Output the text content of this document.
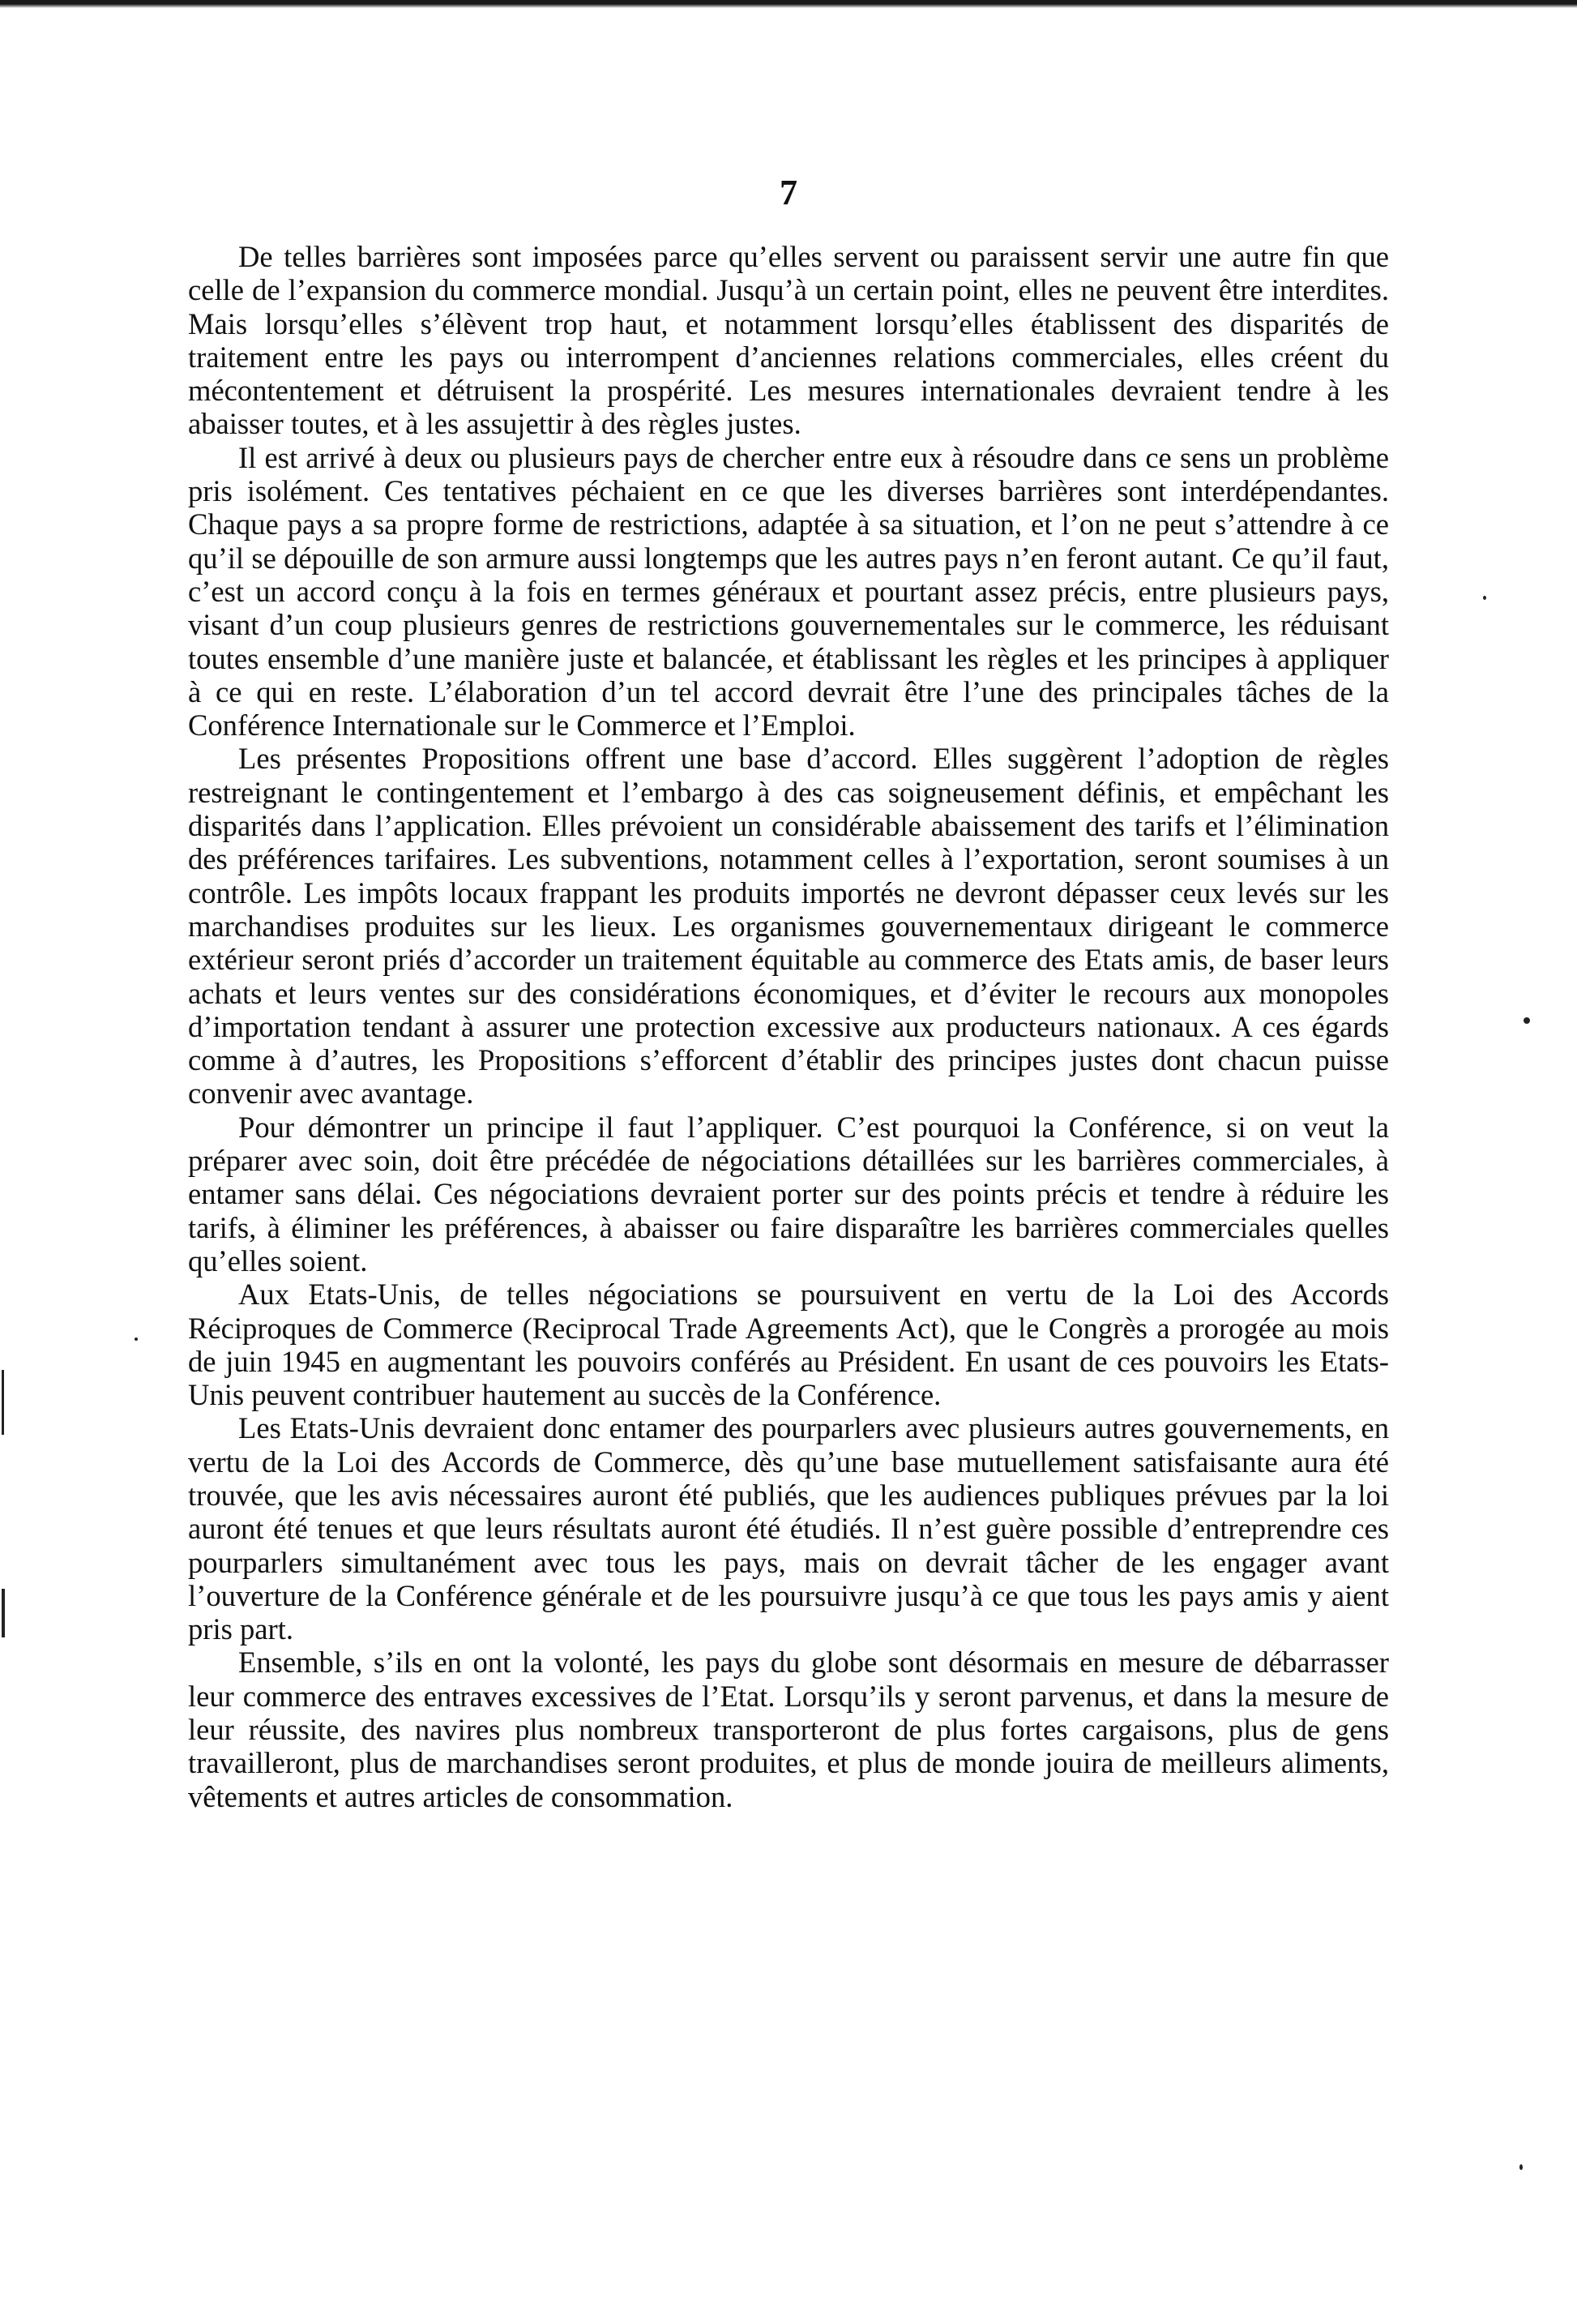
7

De telles barrières sont imposées parce qu’elles servent ou paraissent servir une autre fin que celle de l’expansion du commerce mondial. Jusqu’à un certain point, elles ne peuvent être interdites. Mais lorsqu’elles s’élèvent trop haut, et notamment lorsqu’elles établissent des disparités de traitement entre les pays ou interrompent d’anciennes relations commerciales, elles créent du mécontentement et détruisent la prospérité. Les mesures internationales devraient tendre à les abaisser toutes, et à les assujettir à des règles justes.

Il est arrivé à deux ou plusieurs pays de chercher entre eux à résoudre dans ce sens un problème pris isolément. Ces tentatives péchaient en ce que les diverses barrières sont interdépendantes. Chaque pays a sa propre forme de restrictions, adaptée à sa situation, et l’on ne peut s’attendre à ce qu’il se dépouille de son armure aussi longtemps que les autres pays n’en feront autant. Ce qu’il faut, c’est un accord conçu à la fois en termes généraux et pourtant assez précis, entre plusieurs pays, visant d’un coup plusieurs genres de restrictions gouvernementales sur le commerce, les réduisant toutes ensemble d’une manière juste et balancée, et établissant les règles et les principes à appliquer à ce qui en reste. L’élaboration d’un tel accord devrait être l’une des principales tâches de la Conférence Internationale sur le Commerce et l’Emploi.

Les présentes Propositions offrent une base d’accord. Elles suggèrent l’adoption de règles restreignant le contingentement et l’embargo à des cas soigneusement définis, et empêchant les disparités dans l’application. Elles prévoient un considérable abaissement des tarifs et l’élimination des préférences tarifaires. Les subventions, notamment celles à l’exportation, seront soumises à un contrôle. Les impôts locaux frappant les produits importés ne devront dépasser ceux levés sur les marchandises produites sur les lieux. Les organismes gouvernementaux dirigeant le commerce extérieur seront priés d’accorder un traitement équitable au commerce des Etats amis, de baser leurs achats et leurs ventes sur des considérations économiques, et d’éviter le recours aux monopoles d’importation tendant à assurer une protection excessive aux producteurs nationaux. A ces égards comme à d’autres, les Propositions s’efforcent d’établir des principes justes dont chacun puisse convenir avec avantage.

Pour démontrer un principe il faut l’appliquer. C’est pourquoi la Conférence, si on veut la préparer avec soin, doit être précédée de négociations détaillées sur les barrières commerciales, à entamer sans délai. Ces négociations devraient porter sur des points précis et tendre à réduire les tarifs, à éliminer les préférences, à abaisser ou faire disparaître les barrières commerciales quelles qu’elles soient.

Aux Etats-Unis, de telles négociations se poursuivent en vertu de la Loi des Accords Réciproques de Commerce (Reciprocal Trade Agreements Act), que le Congrès a prorogée au mois de juin 1945 en augmentant les pouvoirs conférés au Président. En usant de ces pouvoirs les Etats-Unis peuvent contribuer hautement au succès de la Conférence.

Les Etats-Unis devraient donc entamer des pourparlers avec plusieurs autres gouvernements, en vertu de la Loi des Accords de Commerce, dès qu’une base mutuellement satisfaisante aura été trouvée, que les avis nécessaires auront été publiés, que les audiences publiques prévues par la loi auront été tenues et que leurs résultats auront été étudiés. Il n’est guère possible d’entreprendre ces pourparlers simultanément avec tous les pays, mais on devrait tâcher de les engager avant l’ouverture de la Conférence générale et de les poursuivre jusqu’à ce que tous les pays amis y aient pris part.

Ensemble, s’ils en ont la volonté, les pays du globe sont désormais en mesure de débarrasser leur commerce des entraves excessives de l’Etat. Lorsqu’ils y seront parvenus, et dans la mesure de leur réussite, des navires plus nombreux transporteront de plus fortes cargaisons, plus de gens travailleront, plus de marchandises seront produites, et plus de monde jouira de meilleurs aliments, vêtements et autres articles de consommation.
